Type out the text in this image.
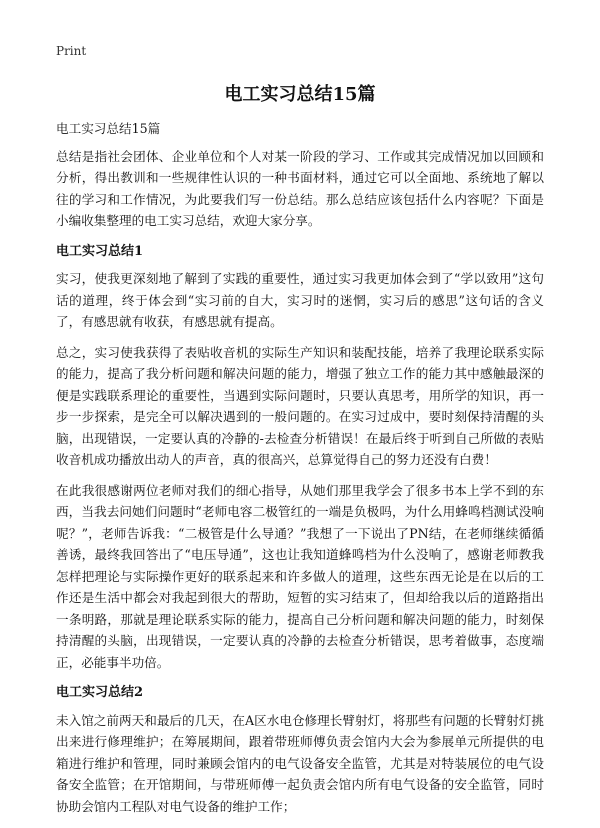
Print
电工实习总结15篇

电工实习总结15篇

总结是指社会团体、企业单位和个人对某一阶段的学习、工作或其完成情况加以回顾和分析，得出教训和一些规律性认识的一种书面材料，通过它可以全面地、系统地了解以往的学习和工作情况，为此要我们写一份总结。那么总结应该包括什么内容呢？下面是小编收集整理的电工实习总结，欢迎大家分享。

电工实习总结1

实习，使我更深刻地了解到了实践的重要性，通过实习我更加体会到了“学以致用”这句话的道理，终于体会到“实习前的自大，实习时的迷惘，实习后的感思”这句话的含义了，有感思就有收获，有感思就有提高。

总之，实习使我获得了表贴收音机的实际生产知识和装配技能，培养了我理论联系实际的能力，提高了我分析问题和解决问题的能力，增强了独立工作的能力其中感触最深的便是实践联系理论的重要性，当遇到实际问题时，只要认真思考，用所学的知识，再一步一步探索，是完全可以解决遇到的一般问题的。在实习过成中，要时刻保持清醒的头脑，出现错误，一定要认真的冷静的-去检查分析错误！在最后终于听到自己所做的表贴收音机成功播放出动人的声音，真的很高兴，总算觉得自己的努力还没有白费！

在此我很感谢两位老师对我们的细心指导，从她们那里我学会了很多书本上学不到的东西，当我去问她们问题时“老师电容二极管红的一端是负极吗，为什么用蜂鸣档测试没响呢？”，老师告诉我：“二极管是什么导通？”我想了一下说出了PN结，在老师继续循循善诱，最终我回答出了“电压导通”，这也让我知道蜂鸣档为什么没响了，感谢老师教我怎样把理论与实际操作更好的联系起来和许多做人的道理，这些东西无论是在以后的工作还是生活中都会对我起到很大的帮助，短暂的实习结束了，但却给我以后的道路指出一条明路，那就是理论联系实际的能力，提高自己分析问题和解决问题的能力，时刻保持清醒的头脑，出现错误，一定要认真的冷静的去检查分析错误，思考着做事，态度端正，必能事半功倍。

电工实习总结2

未入馆之前两天和最后的几天，在A区水电仓修理长臂射灯，将那些有问题的长臂射灯挑出来进行修理维护；在筹展期间，跟着带班师傅负责会馆内大会为参展单元所提供的电箱进行维护和管理，同时兼顾会馆内的电气设备安全监管，尤其是对特装展位的电气设备安全监管；在开馆期间，与带班师傅一起负责会馆内所有电气设备的安全监管，同时协助会馆内工程队对电气设备的维护工作；
